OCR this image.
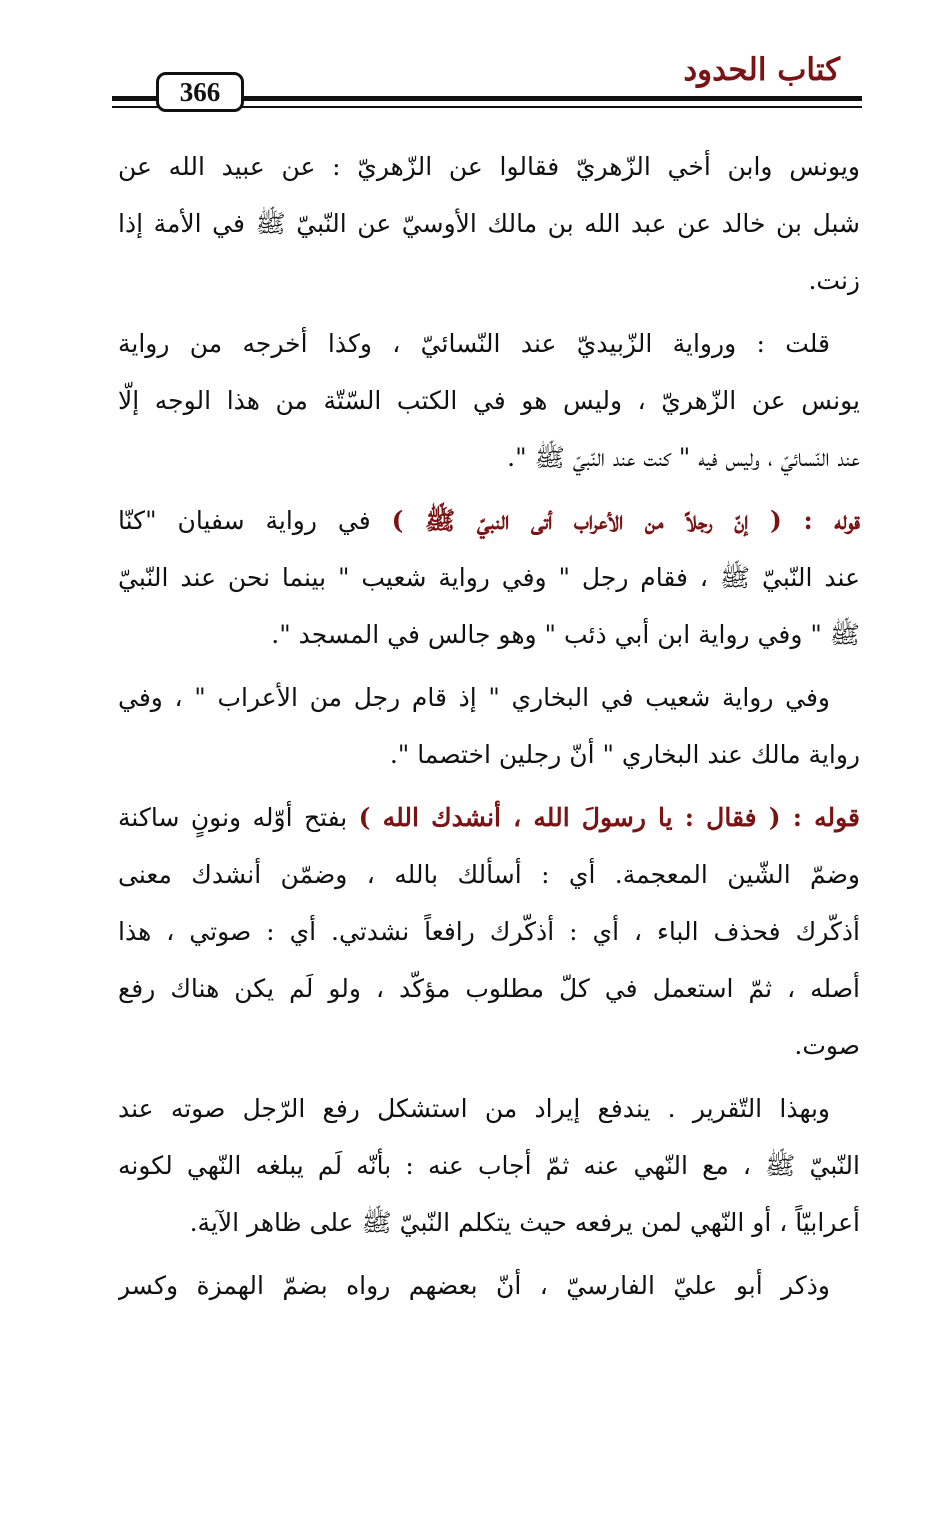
كتاب الحدود
366
ويونس وابن أخي الزّهريّ فقالوا عن الزّهريّ : عن عبيد الله عن
شبل بن خالد عن عبد الله بن مالك الأوسيّ عن النّبيّ ﷺ في الأمة إذا
زنت.
قلت : ورواية الزّبيديّ عند النّسائيّ ، وكذا أخرجه من رواية
يونس عن الزّهريّ ، وليس هو في الكتب السّتّة من هذا الوجه إلّا
عند النّسائيّ ، وليس فيه " كنت عند النّبيّ ﷺ ".
قوله : ( إنّ رجلاً من الأعراب أتى النبيّ ﷺ ) في رواية سفيان "كنّا
عند النّبيّ ﷺ ، فقام رجل " وفي رواية شعيب " بينما نحن عند النّبيّ
ﷺ " وفي رواية ابن أبي ذئب " وهو جالس في المسجد ".
وفي رواية شعيب في البخاري " إذ قام رجل من الأعراب " ، وفي
رواية مالك عند البخاري " أنّ رجلين اختصما ".
قوله : ( فقال : يا رسولَ الله ، أنشدك الله ) بفتح أوّله ونونٍ ساكنة
وضمّ الشّين المعجمة. أي : أسألك بالله ، وضمّن أنشدك معنى
أذكّرك فحذف الباء ، أي : أذكّرك رافعاً نشدتي. أي : صوتي ، هذا
أصله ، ثمّ استعمل في كلّ مطلوب مؤكّد ، ولو لَم يكن هناك رفع
صوت.
وبهذا التّقرير . يندفع إيراد من استشكل رفع الرّجل صوته عند
النّبيّ ﷺ ، مع النّهي عنه ثمّ أجاب عنه : بأنّه لَم يبلغه النّهي لكونه
أعرابيّاً ، أو النّهي لمن يرفعه حيث يتكلم النّبيّ ﷺ على ظاهر الآية.
وذكر أبو عليّ الفارسيّ ، أنّ بعضهم رواه بضمّ الهمزة وكسر
